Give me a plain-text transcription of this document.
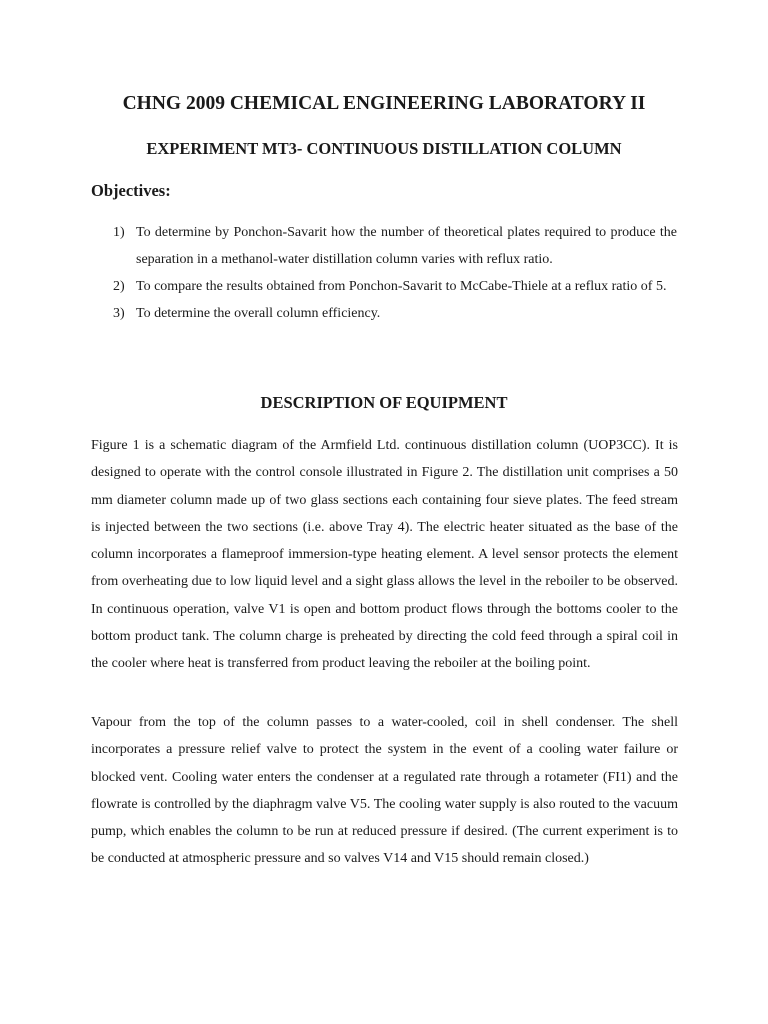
CHNG 2009 CHEMICAL ENGINEERING LABORATORY II
EXPERIMENT MT3- CONTINUOUS DISTILLATION COLUMN
Objectives:
1) To determine by Ponchon-Savarit how the number of theoretical plates required to produce the separation in a methanol-water distillation column varies with reflux ratio.
2) To compare the results obtained from Ponchon-Savarit to McCabe-Thiele at a reflux ratio of 5.
3) To determine the overall column efficiency.
DESCRIPTION OF EQUIPMENT

Figure 1 is a schematic diagram of the Armfield Ltd. continuous distillation column (UOP3CC). It is designed to operate with the control console illustrated in Figure 2. The distillation unit comprises a 50 mm diameter column made up of two glass sections each containing four sieve plates. The feed stream is injected between the two sections (i.e. above Tray 4). The electric heater situated as the base of the column incorporates a flameproof immersion-type heating element. A level sensor protects the element from overheating due to low liquid level and a sight glass allows the level in the reboiler to be observed. In continuous operation, valve V1 is open and bottom product flows through the bottoms cooler to the bottom product tank. The column charge is preheated by directing the cold feed through a spiral coil in the cooler where heat is transferred from product leaving the reboiler at the boiling point.

Vapour from the top of the column passes to a water-cooled, coil in shell condenser. The shell incorporates a pressure relief valve to protect the system in the event of a cooling water failure or blocked vent. Cooling water enters the condenser at a regulated rate through a rotameter (FI1) and the flowrate is controlled by the diaphragm valve V5. The cooling water supply is also routed to the vacuum pump, which enables the column to be run at reduced pressure if desired. (The current experiment is to be conducted at atmospheric pressure and so valves V14 and V15 should remain closed.)
